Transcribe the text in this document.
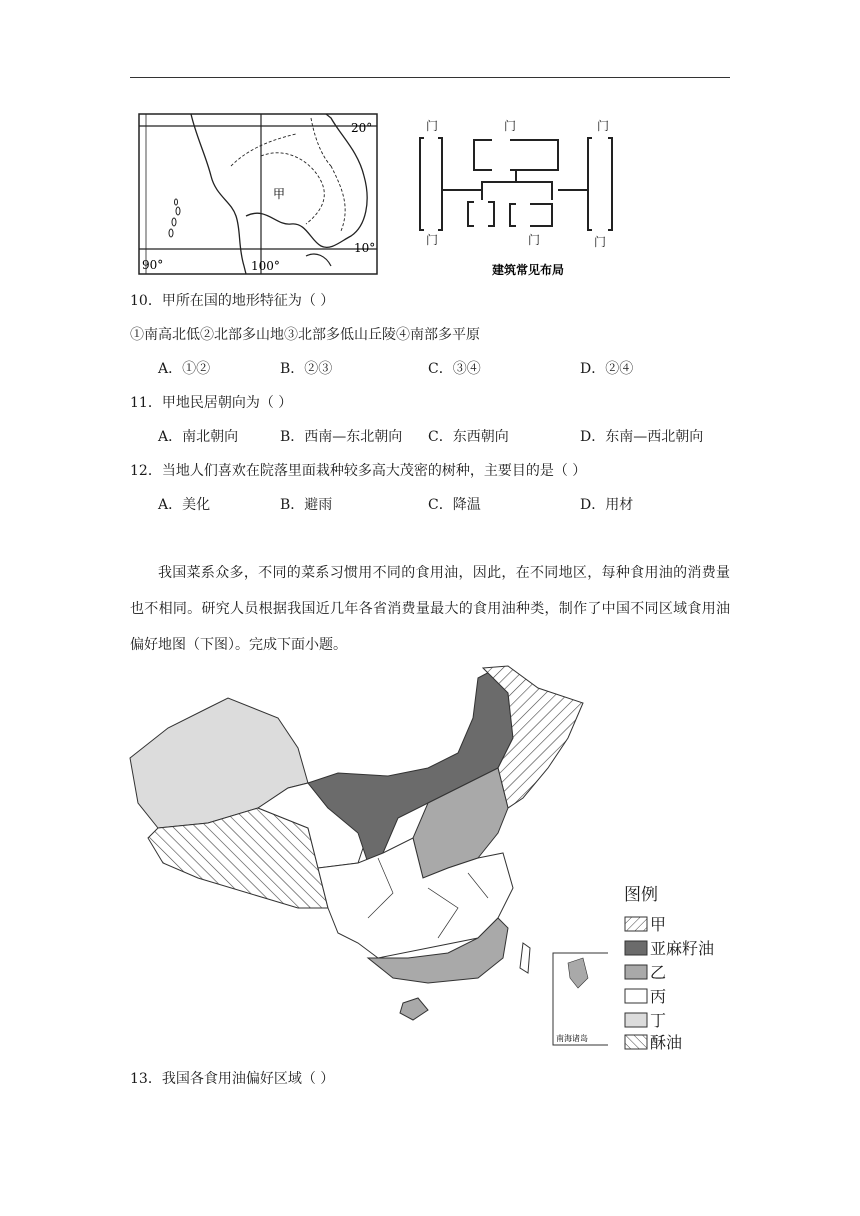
20°
10°
90°	100°
甲
门	门	门
门	门	门
建筑常见布局
10．甲所在国的地形特征为（ ）
①南高北低②北部多山地③北部多低山丘陵④南部多平原
A．①②	B．②③	C．③④	D．②④
11．甲地民居朝向为（ ）
A．南北朝向	B．西南—东北朝向 C．东西朝向	D．东南—西北朝向
12．当地人们喜欢在院落里面栽种较多高大茂密的树种，主要目的是（ ）
A．美化	B．避雨	C．降温	D．用材
我国菜系众多，不同的菜系习惯用不同的食用油，因此，在不同地区，每种食用油的消费量也不相同。研究人员根据我国近几年各省消费量最大的食用油种类，制作了中国不同区域食用油偏好地图（下图）。完成下面小题。
南海诸岛
图例
甲
亚麻籽油
乙
丙
丁
酥油
13．我国各食用油偏好区域（ ）
